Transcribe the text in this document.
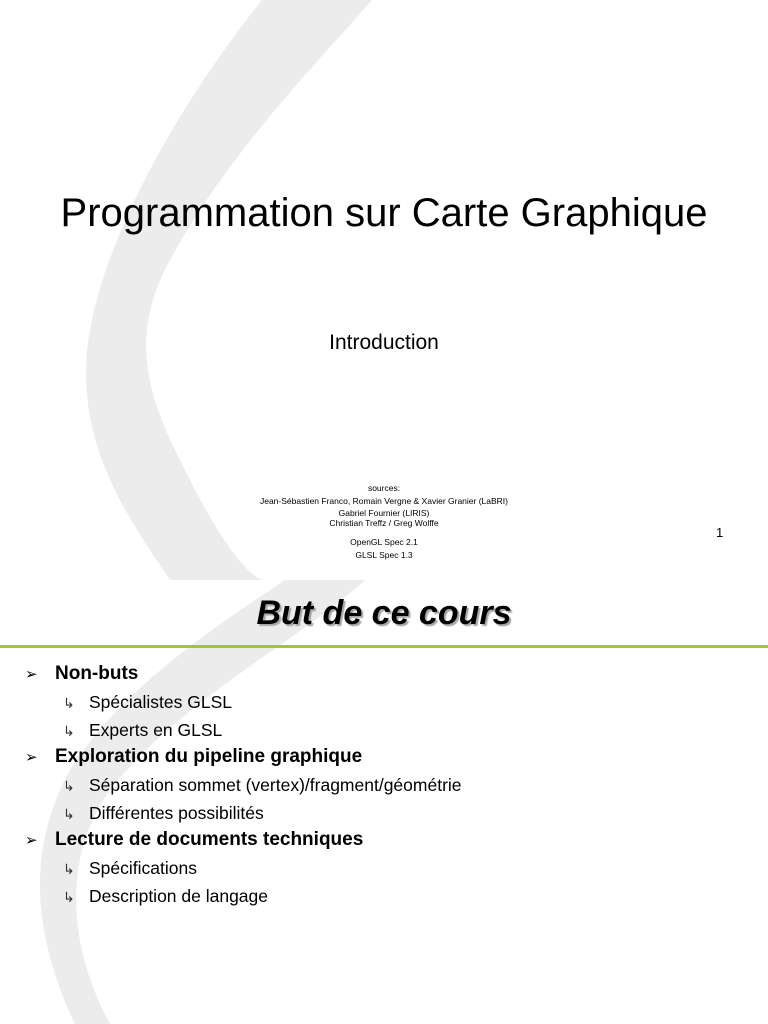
Programmation sur Carte Graphique

Introduction

sources:
Jean-Sébastien Franco, Romain Vergne & Xavier Granier (LaBRI)
Gabriel Fournier (LIRIS)
Christian Treffz / Greg Wolffe
OpenGL Spec 2.1
GLSL Spec 1.3
1
But de ce cours
➢ Non-buts
↳ Spécialistes GLSL
↳ Experts en GLSL
➢ Exploration du pipeline graphique
↳ Séparation sommet (vertex)/fragment/géométrie
↳ Différentes possibilités
➢ Lecture de documents techniques
↳ Spécifications
↳ Description de langage
